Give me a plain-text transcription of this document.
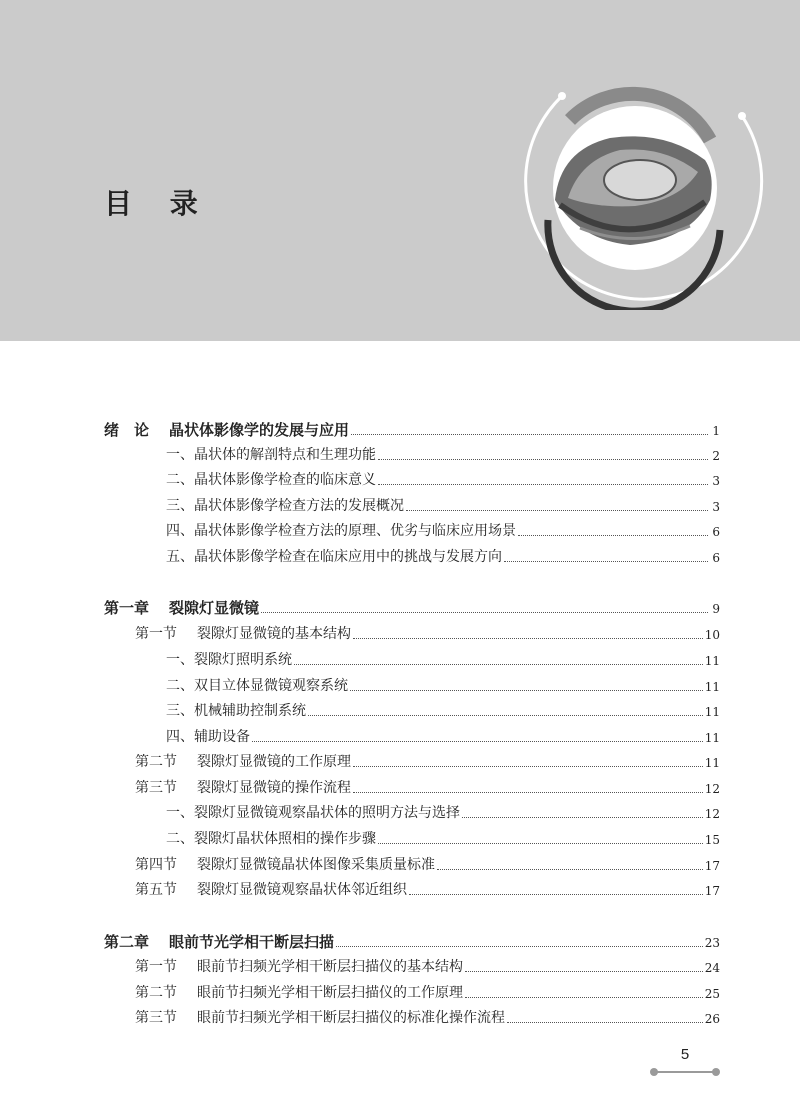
目 录
绪　论 晶状体影像学的发展与应用	1
一、晶状体的解剖特点和生理功能	2
二、晶状体影像学检查的临床意义	3
三、晶状体影像学检查方法的发展概况	3
四、晶状体影像学检查方法的原理、优劣与临床应用场景	6
五、晶状体影像学检查在临床应用中的挑战与发展方向	6
第一章 裂隙灯显微镜	9
第一节 裂隙灯显微镜的基本结构	10
一、裂隙灯照明系统	11
二、双目立体显微镜观察系统	11
三、机械辅助控制系统	11
四、辅助设备	11
第二节 裂隙灯显微镜的工作原理	11
第三节 裂隙灯显微镜的操作流程	12
一、裂隙灯显微镜观察晶状体的照明方法与选择	12
二、裂隙灯晶状体照相的操作步骤	15
第四节 裂隙灯显微镜晶状体图像采集质量标准	17
第五节 裂隙灯显微镜观察晶状体邻近组织	17
第二章 眼前节光学相干断层扫描	23
第一节 眼前节扫频光学相干断层扫描仪的基本结构	24
第二节 眼前节扫频光学相干断层扫描仪的工作原理	25
第三节 眼前节扫频光学相干断层扫描仪的标准化操作流程	26
5
